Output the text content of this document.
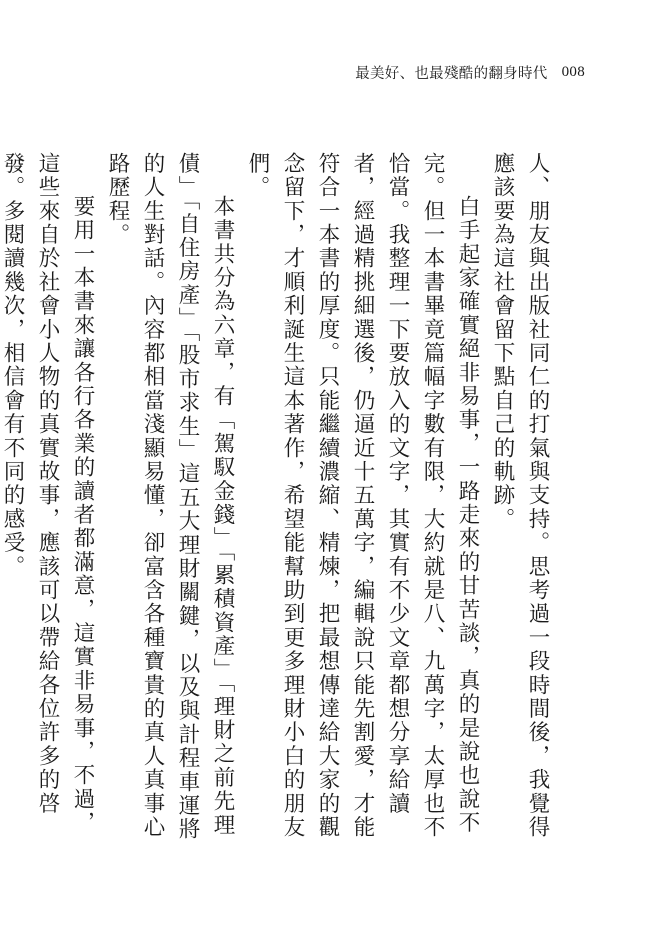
最美好、也最殘酷的翻身時代 008

人、朋友與出版社同仁的打氣與支持。思考過一段時間後，我覺得應該要為這社會留下點自己的軌跡。

白手起家確實絕非易事，一路走來的甘苦談，真的是說也說不完。但一本書畢竟篇幅字數有限，大約就是八、九萬字，太厚也不恰當。我整理一下要放入的文字，其實有不少文章都想分享給讀者，經過精挑細選後，仍逼近十五萬字，編輯說只能先割愛，才能符合一本書的厚度。只能繼續濃縮、精煉，把最想傳達給大家的觀念留下，才順利誕生這本著作，希望能幫助到更多理財小白的朋友們。

本書共分為六章，有「駕馭金錢」「累積資產」「理財之前先理債」「自住房產」「股市求生」這五大理財關鍵，以及與計程車運將的人生對話。內容都相當淺顯易懂，卻富含各種寶貴的真人真事心路歷程。

要用一本書來讓各行各業的讀者都滿意，這實非易事，不過，這些來自於社會小人物的真實故事，應該可以帶給各位許多的啓發。多閱讀幾次，相信會有不同的感受。
